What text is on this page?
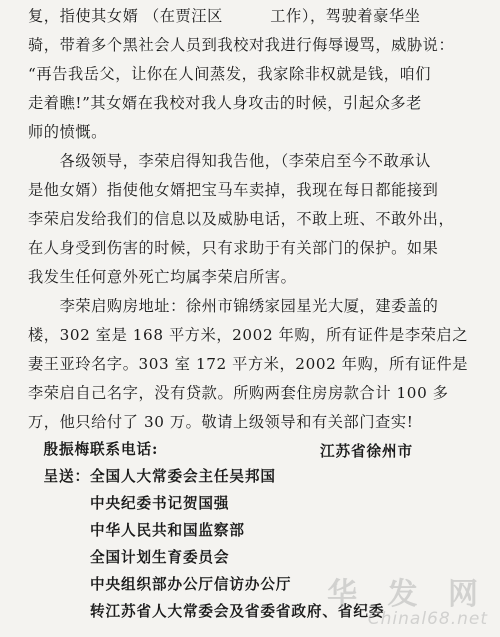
复，指使其女婿 （在贾汪区　　　工作），驾驶着豪华坐
骑，带着多个黑社会人员到我校对我进行侮辱谩骂，威胁说：
“再告我岳父，让你在人间蒸发，我家除非权就是钱，咱们
走着瞧!”其女婿在我校对我人身攻击的时候，引起众多老
师的愤慨。
　　各级领导，李荣启得知我告他，（李荣启至今不敢承认
是他女婿）指使他女婿把宝马车卖掉，我现在每日都能接到
李荣启发给我们的信息以及威胁电话，不敢上班、不敢外出，
在人身受到伤害的时候，只有求助于有关部门的保护。如果
我发生任何意外死亡均属李荣启所害。
　　李荣启购房地址：徐州市锦绣家园星光大厦，建委盖的
楼，302 室是 168 平方米，2002 年购，所有证件是李荣启之
妻王亚玲名字。303 室 172 平方米，2002 年购，所有证件是
李荣启自己名字，没有贷款。所购两套住房房款合计 100 多
万，他只给付了 30 万。敬请上级领导和有关部门查实!
　殷振梅联系电话:	江苏省徐州市
　呈送：全国人大常委会主任吴邦国
　　　　中央纪委书记贺国强
　　　　中华人民共和国监察部
　　　　全国计划生育委员会
　　　　中央组织部办公厅信访办公厅
　　　　转江苏省人大常委会及省委省政府、省纪委
华 发 网
Chinal68.net
